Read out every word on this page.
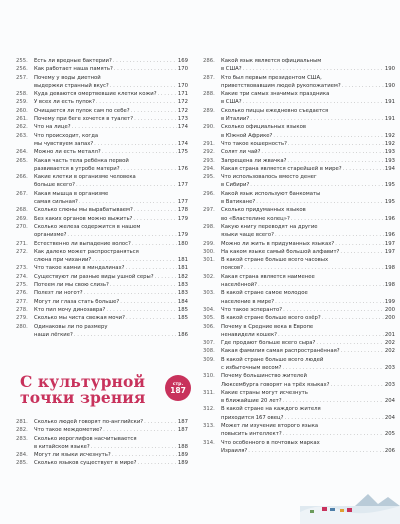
255.	Есть ли вредные бактерии? . . .	169
256.	Как работает наша память? . . .	170
257.	Почему у воды диетной
выдержки странный вкус? . . .	170
258.	Куда деваются омертвевшие клетки кожи? . . .	171
259.	У всех ли есть пупок? . . .	172
260.	Очищается ли пупок сам по себе? . . .	172
261.	Почему при беге хочется в туалет? . . .	173
262.	Что на лице? . . .	174
263.	Что происходит, когда
мы чувствуем запах? . . .	174
264.	Можно ли есть металл? . . .	175
265.	Какая часть тела ребёнка первой
развивается в утробе матери? . . .	176
266.	Какие клетки в организме человека
больше всего? . . .	177
267.	Какая мышца в организме
самая сильная? . . .	177
268.	Сколько слюны мы вырабатываем? . . .	178
269.	Без каких органов можно выжить? . . .	179
270.	Сколько железа содержится в нашем
организме? . . .	179
271.	Естественно ли выпадение волос? . . .	180
272.	Как далеко может распространяться
слюна при чихании? . . .	181
273.	Что такое камни в миндалинах? . . .	181
274.	Существуют ли разные виды ушной серы? . . .	182
275.	Потеем ли мы свою слизь? . . .	183
276.	Полезт ли ногот? . . .	183
277.	Могут ли глаза стать больше? . . .	184
278.	Кто пил мочу динозавра? . . .	185
279.	Сколько мы чиста свежая мочи? . . .	185
280.	Одинаковы ли по размеру
наши лёгкие? . . .	186
С культурной
точки зрения
стр.
187
281.	Сколько людей говорят по-английски? . . .	187
282.	Что такое междометие? . . .	187
283.	Сколько иероглифов насчитывается
в китайском языке? . . .	188
284.	Могут ли языки исчезнуть? . . .	189
285.	Сколько языков существует в мире? . . .	189
286.	Какой язык является официальным
в США? . . .	190
287.	Кто был первым президентом США,
приветствовавшим людей рукопожатием? . . .	190
288.	Какие три самых значимых праздника
в США? . . .	191
289.	Сколько пиццы ежедневно съедается
в Италии? . . .	191
290.	Сколько официальных языков
в Южной Африке? . . .	192
291.	Что такое кошерность? . . .	192
292.	Солят ли чай? . . .	193
293.	Запрещена ли жвачка? . . .	193
294.	Какая страна является старейшей в мире? . . .	194
295.	Что использовалось вместо денег
в Сибири? . . .	195
296.	Какой язык используют банкоматы
в Ватикане? . . .	195
297.	Сколько придуманных языков
во «Властелине колец»? . . .	196
298.	Какую книгу переводят на другие
языки чаще всего? . . .	196
299.	Можно ли жить в придуманных языках? . . .	197
300.	На каком языке самый большой алфавит? . . .	197
301.	В какой стране больше всего часовых
поясов? . . .	198
302.	Какая страна является наименее
населённой? . . .	198
303.	В какой стране самое молодое
население в мире? . . .	199
304.	Что такое эсперанто? . . .	200
305.	В какой стране больше всего озёр? . . .	200
306.	Почему в Средние века в Европе
ненавидели кошек? . . .	201
307.	Где продают больше всего сыра? . . .	202
308.	Какая фамилия самая распространённая? . . .	202
309.	В какой стране больше всего людей
с избыточным весом? . . .	203
310.	Почему большинство жителей
Люксембурга говорят на трёх языках? . . .	203
311.	Какие страны могут исчезнуть
в ближайшие 20 лет? . . .	204
312.	В какой стране на каждого жителя
приходится 167 овец? . . .	204
313.	Может ли изучение второго языка
повысить интеллект? . . .	205
314.	Что особенного в почтовых марках
Израиля? . . .	206
